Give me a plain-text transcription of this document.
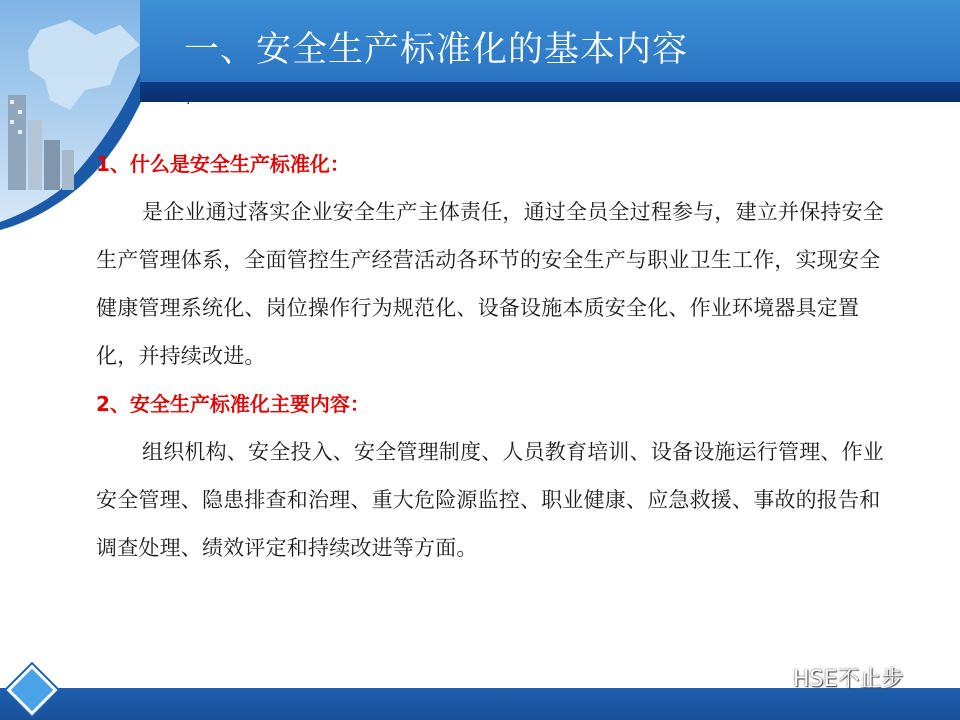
一、安全生产标准化的基本内容
·

1、什么是安全生产标准化：

是企业通过落实企业安全生产主体责任，通过全员全过程参与，建立并保持安全生产管理体系，全面管控生产经营活动各环节的安全生产与职业卫生工作，实现安全健康管理系统化、岗位操作行为规范化、设备设施本质安全化、作业环境器具定置化，并持续改进。

2、安全生产标准化主要内容：

组织机构、安全投入、安全管理制度、人员教育培训、设备设施运行管理、作业安全管理、隐患排查和治理、重大危险源监控、职业健康、应急救援、事故的报告和调查处理、绩效评定和持续改进等方面。

HSE不止步
